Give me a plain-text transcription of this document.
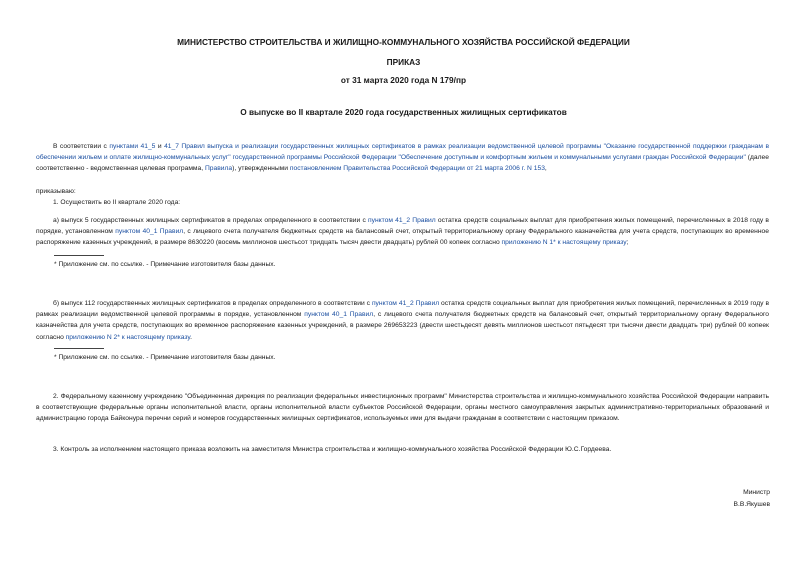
МИНИСТЕРСТВО СТРОИТЕЛЬСТВА И ЖИЛИЩНО-КОММУНАЛЬНОГО ХОЗЯЙСТВА РОССИЙСКОЙ ФЕДЕРАЦИИ
ПРИКАЗ
от 31 марта 2020 года N 179/пр
О выпуске во II квартале 2020 года государственных жилищных сертификатов
В соответствии с пунктами 41_5 и 41_7 Правил выпуска и реализации государственных жилищных сертификатов в рамках реализации ведомственной целевой программы "Оказание государственной поддержки гражданам в обеспечении жильем и оплате жилищно-коммунальных услуг" государственной программы Российской Федерации "Обеспечение доступным и комфортным жильем и коммунальными услугами граждан Российской Федерации" (далее соответственно - ведомственная целевая программа, Правила), утвержденными постановлением Правительства Российской Федерации от 21 марта 2006 г. N 153,
приказываю:
1. Осуществить во II квартале 2020 года:
а) выпуск 5 государственных жилищных сертификатов в пределах определенного в соответствии с пунктом 41_2 Правил остатка средств социальных выплат для приобретения жилых помещений, перечисленных в 2018 году в порядке, установленном пунктом 40_1 Правил, с лицевого счета получателя бюджетных средств на балансовый счет, открытый территориальному органу Федерального казначейства для учета средств, поступающих во временное распоряжение казенных учреждений, в размере 8630220 (восемь миллионов шестьсот тридцать тысяч двести двадцать) рублей 00 копеек согласно приложению N 1* к настоящему приказу;
* Приложение см. по ссылке. - Примечание изготовителя базы данных.
б) выпуск 112 государственных жилищных сертификатов в пределах определенного в соответствии с пунктом 41_2 Правил остатка средств социальных выплат для приобретения жилых помещений, перечисленных в 2019 году в рамках реализации ведомственной целевой программы в порядке, установленном пунктом 40_1 Правил, с лицевого счета получателя бюджетных средств на балансовый счет, открытый территориальному органу Федерального казначейства для учета средств, поступающих во временное распоряжение казенных учреждений, в размере 269653223 (двести шестьдесят девять миллионов шестьсот пятьдесят три тысячи двести двадцать три) рублей 00 копеек согласно приложению N 2* к настоящему приказу.
* Приложение см. по ссылке. - Примечание изготовителя базы данных.
2. Федеральному казенному учреждению "Объединенная дирекция по реализации федеральных инвестиционных программ" Министерства строительства и жилищно-коммунального хозяйства Российской Федерации направить в соответствующие федеральные органы исполнительной власти, органы исполнительной власти субъектов Российской Федерации, органы местного самоуправления закрытых административно-территориальных образований и администрацию города Байконура перечни серий и номеров государственных жилищных сертификатов, используемых ими для выдачи гражданам в соответствии с настоящим приказом.
3. Контроль за исполнением настоящего приказа возложить на заместителя Министра строительства и жилищно-коммунального хозяйства Российской Федерации Ю.С.Гордеева.
Министр
В.В.Якушев
